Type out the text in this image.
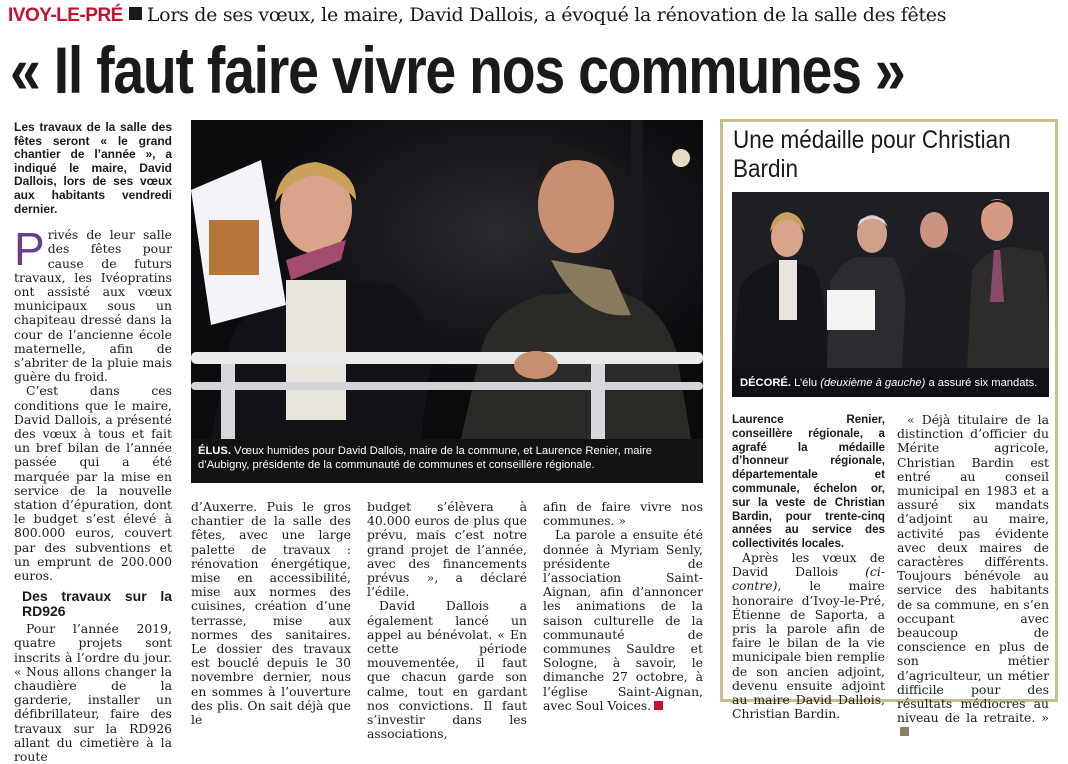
IVOY-LE-PRÉ Lors de ses vœux, le maire, David Dallois, a évoqué la rénovation de la salle des fêtes
« Il faut faire vivre nos communes »

Les travaux de la salle des fêtes seront « le grand chantier de l’année », a indiqué le maire, David Dallois, lors de ses vœux aux habitants vendredi dernier.

Privés de leur salle des fêtes pour cause de futurs travaux, les Ivéopratins ont assisté aux vœux municipaux sous un chapiteau dressé dans la cour de l’ancienne école maternelle, afin de s’abriter de la pluie mais guère du froid.

C’est dans ces conditions que le maire, David Dallois, a présenté des vœux à tous et fait un bref bilan de l’année passée qui a été marquée par la mise en service de la nouvelle station d’épuration, dont le budget s’est élevé à 800.000 euros, couvert par des subventions et un emprunt de 200.000 euros.

Des travaux sur la RD926

Pour l’année 2019, quatre projets sont inscrits à l’ordre du jour. « Nous allons changer la chaudière de la garderie, installer un défibrillateur, faire des travaux sur la RD926 allant du cimetière à la route

ÉLUS. Vœux humides pour David Dallois, maire de la commune, et Laurence Renier, maire d’Aubigny, présidente de la communauté de communes et conseillère régionale.

d’Auxerre. Puis le gros chantier de la salle des fêtes, avec une large palette de travaux : rénovation énergétique, mise en accessibilité, mise aux normes des cuisines, création d’une terrasse, mise aux normes des sanitaires. Le dossier des travaux est bouclé depuis le 30 novembre dernier, nous en sommes à l’ouverture des plis. On sait déjà que le

budget s’élèvera à 40.000 euros de plus que prévu, mais c’est notre grand projet de l’année, avec des financements prévus », a déclaré l’édile.

David Dallois a également lancé un appel au bénévolat. « En cette période mouvementée, il faut que chacun garde son calme, tout en gardant nos convictions. Il faut s’investir dans les associations,

afin de faire vivre nos communes. »

La parole a ensuite été donnée à Myriam Senly, présidente de l’association Saint-Aignan, afin d’annoncer les animations de la saison culturelle de la communauté de communes Sauldre et Sologne, à savoir, le dimanche 27 octobre, à l’église Saint-Aignan, avec Soul Voices.

Une médaille pour Christian Bardin
DÉCORÉ. L’élu (deuxième à gauche) a assuré six mandats.

Laurence Renier, conseillère régionale, a agrafé la médaille d’honneur régionale, départementale et communale, échelon or, sur la veste de Christian Bardin, pour trente-cinq années au service des collectivités locales.

Après les vœux de David Dallois (ci-contre), le maire honoraire d’Ivoy-le-Pré, Étienne de Saporta, a pris la parole afin de faire le bilan de la vie municipale bien remplie de son ancien adjoint, devenu ensuite adjoint au maire David Dallois, Christian Bardin.

« Déjà titulaire de la distinction d’officier du Mérite agricole, Christian Bardin est entré au conseil municipal en 1983 et a assuré six mandats d’adjoint au maire, activité pas évidente avec deux maires de caractères différents. Toujours bénévole au service des habitants de sa commune, en s’en occupant avec beaucoup de conscience en plus de son métier d’agriculteur, un métier difficile pour des résultats médiocres au niveau de la retraite. »
